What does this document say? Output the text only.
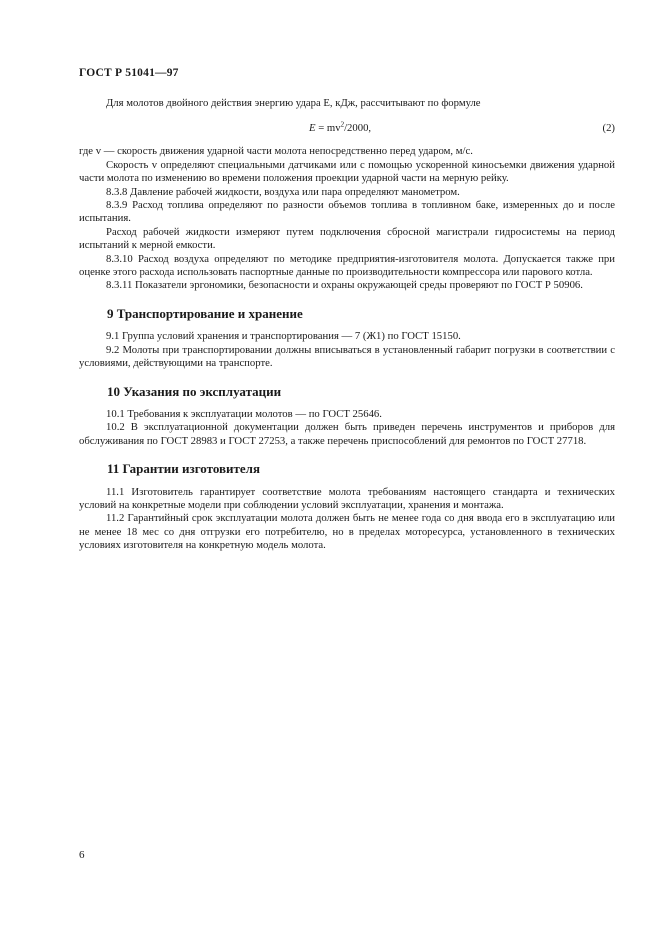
ГОСТ Р 51041—97

Для молотов двойного действия энергию удара E, кДж, рассчитывают по формуле

$E = mv^2/2000$,	(2)

где v — скорость движения ударной части молота непосредственно перед ударом, м/с.

Скорость v определяют специальными датчиками или с помощью ускоренной киносъемки движения ударной части молота по изменению во времени положения проекции ударной части на мерную рейку.

8.3.8 Давление рабочей жидкости, воздуха или пара определяют манометром.

8.3.9 Расход топлива определяют по разности объемов топлива в топливном баке, измеренных до и после испытания.

Расход рабочей жидкости измеряют путем подключения сбросной магистрали гидросистемы на период испытаний к мерной емкости.

8.3.10 Расход воздуха определяют по методике предприятия-изготовителя молота. Допускается также при оценке этого расхода использовать паспортные данные по производительности компрессора или парового котла.

8.3.11 Показатели эргономики, безопасности и охраны окружающей среды проверяют по ГОСТ Р 50906.

9 Транспортирование и хранение

9.1 Группа условий хранения и транспортирования — 7 (Ж1) по ГОСТ 15150.

9.2 Молоты при транспортировании должны вписываться в установленный габарит погрузки в соответствии с условиями, действующими на транспорте.

10 Указания по эксплуатации

10.1 Требования к эксплуатации молотов — по ГОСТ 25646.

10.2 В эксплуатационной документации должен быть приведен перечень инструментов и приборов для обслуживания по ГОСТ 28983 и ГОСТ 27253, а также перечень приспособлений для ремонтов по ГОСТ 27718.

11 Гарантии изготовителя

11.1 Изготовитель гарантирует соответствие молота требованиям настоящего стандарта и технических условий на конкретные модели при соблюдении условий эксплуатации, хранения и монтажа.

11.2 Гарантийный срок эксплуатации молота должен быть не менее года со дня ввода его в эксплуатацию или не менее 18 мес со дня отгрузки его потребителю, но в пределах моторесурса, установленного в технических условиях изготовителя на конкретную модель молота.

6
